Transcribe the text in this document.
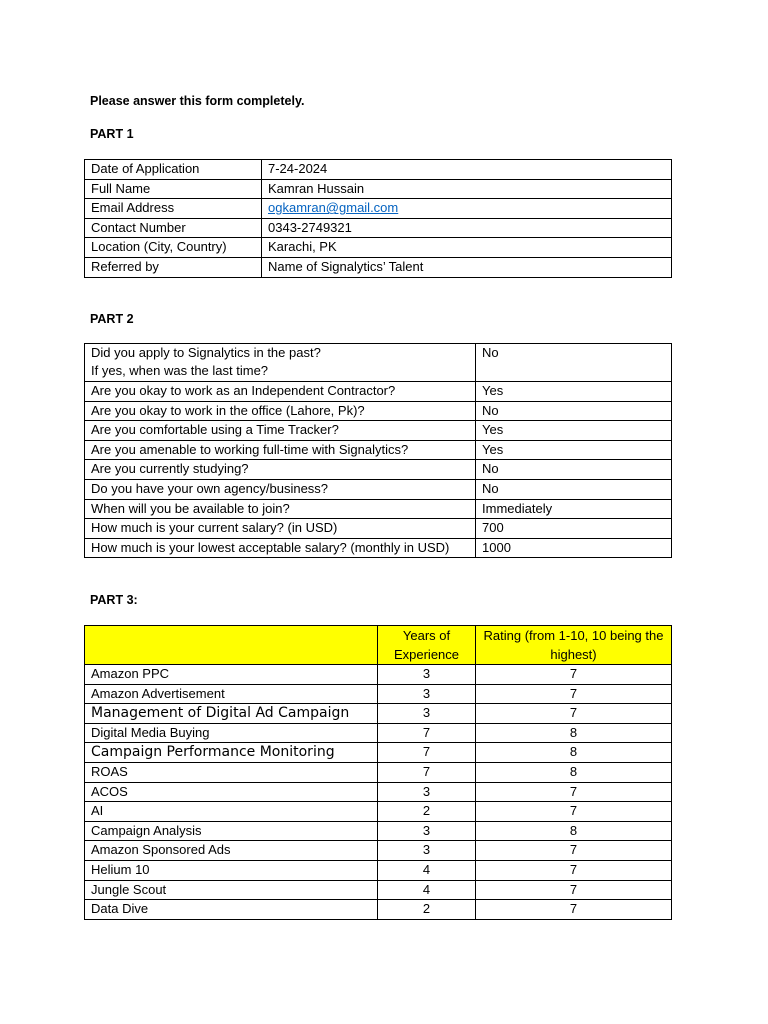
Please answer this form completely.
PART 1
Date of Application	7-24-2024
Full Name	Kamran Hussain
Email Address	ogkamran@gmail.com
Contact Number	0343-2749321
Location (City, Country)	Karachi, PK
Referred by	Name of Signalytics’ Talent
PART 2
Did you apply to Signalytics in the past?
If yes, when was the last time?	No
Are you okay to work as an Independent Contractor?	Yes
Are you okay to work in the office (Lahore, Pk)?	No
Are you comfortable using a Time Tracker?	Yes
Are you amenable to working full-time with Signalytics?	Yes
Are you currently studying?	No
Do you have your own agency/business?	No
When will you be available to join?	Immediately
How much is your current salary? (in USD)	700
How much is your lowest acceptable salary? (monthly in USD)	1000
PART 3:
	Years of Experience	Rating (from 1-10, 10 being the highest)
Amazon PPC	3	7
Amazon Advertisement	3	7
Management of Digital Ad Campaign	3	7
Digital Media Buying	7	8
Campaign Performance Monitoring	7	8
ROAS	7	8
ACOS	3	7
AI	2	7
Campaign Analysis	3	8
Amazon Sponsored Ads	3	7
Helium 10	4	7
Jungle Scout	4	7
Data Dive	2	7
